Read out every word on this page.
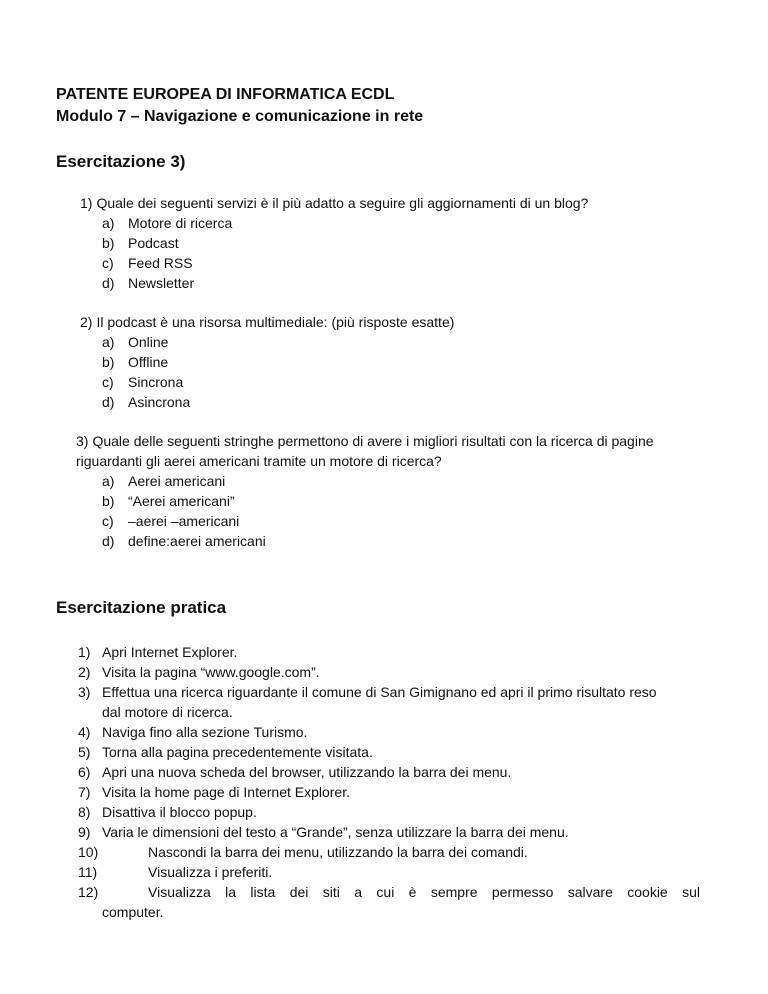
PATENTE EUROPEA DI INFORMATICA ECDL

Modulo 7 – Navigazione e comunicazione in rete

Esercitazione 3)

1) Quale dei seguenti servizi è il più adatto a seguire gli aggiornamenti di un blog?

a) Motore di ricerca
b) Podcast
c)	Feed RSS
d) Newsletter

2) Il podcast è una risorsa multimediale: (più risposte esatte)

a) Online
b) Offline
c)	Sincrona
d) Asincrona

3) Quale delle seguenti stringhe permettono di avere i migliori risultati con la ricerca di pagine riguardanti gli aerei americani tramite un motore di ricerca?

a) Aerei americani
b) “Aerei americani”
c)	–aerei –americani
d) define:aerei americani
Esercitazione pratica
1) Apri Internet Explorer.
2) Visita la pagina “www.google.com”.
3) Effettua una ricerca riguardante il comune di San Gimignano ed apri il primo risultato reso dal motore di ricerca.
4) Naviga fino alla sezione Turismo.
5) Torna alla pagina precedentemente visitata.
6) Apri una nuova scheda del browser, utilizzando la barra dei menu.
7) Visita la home page di Internet Explorer.
8) Disattiva il blocco popup.
9) Varia le dimensioni del testo a “Grande”, senza utilizzare la barra dei menu.
10)	Nascondi la barra dei menu, utilizzando la barra dei comandi.
11)	Visualizza i preferiti.
12)	Visualizza la lista dei siti a cui è sempre permesso salvare cookie sul
computer.
